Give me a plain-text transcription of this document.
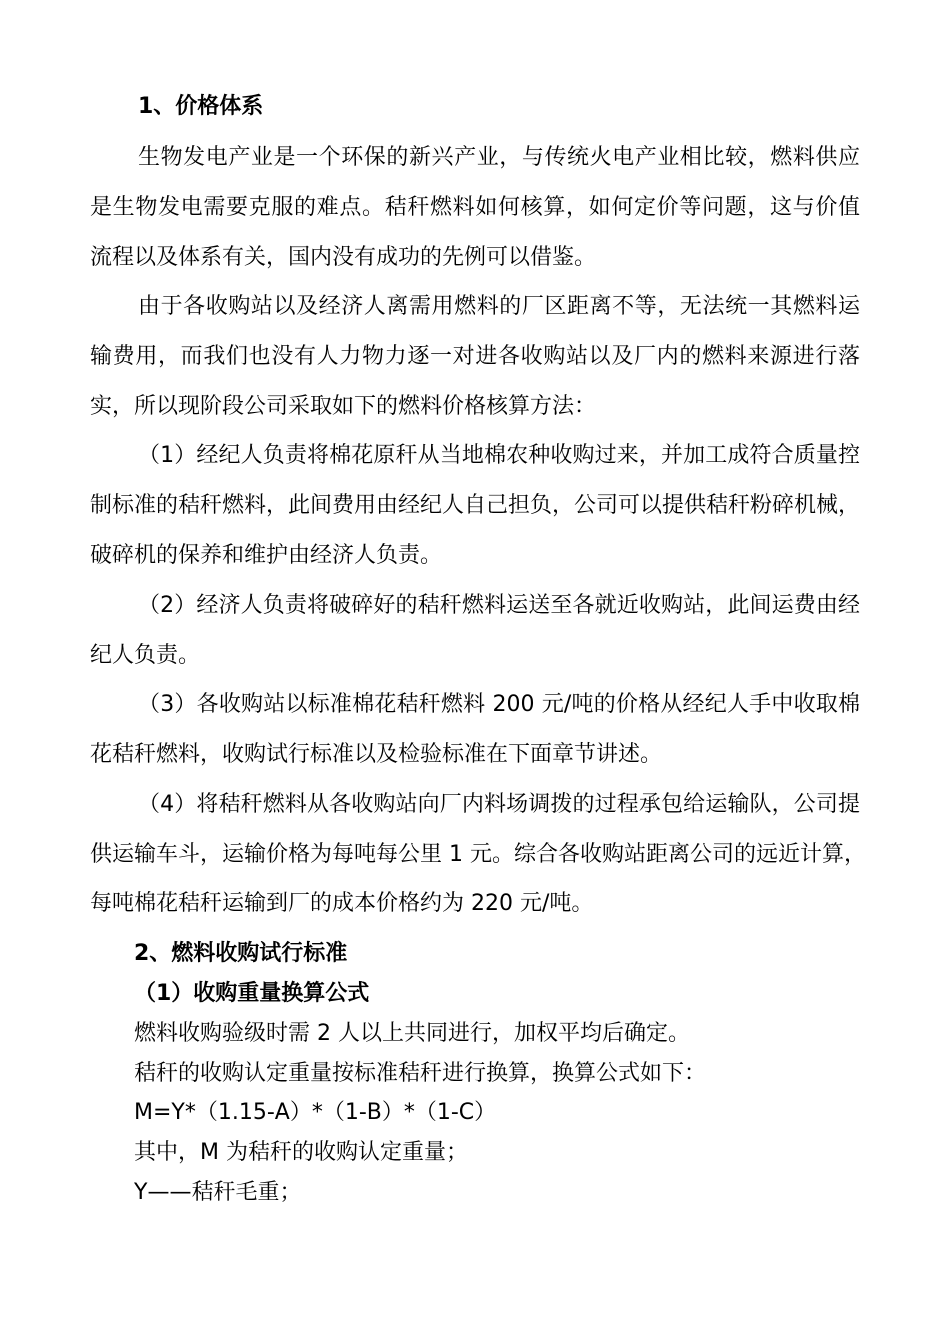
1、价格体系
生物发电产业是一个环保的新兴产业，与传统火电产业相比较，燃料供应
是生物发电需要克服的难点。秸秆燃料如何核算，如何定价等问题，这与价值
流程以及体系有关，国内没有成功的先例可以借鉴。
由于各收购站以及经济人离需用燃料的厂区距离不等，无法统一其燃料运
输费用，而我们也没有人力物力逐一对进各收购站以及厂内的燃料来源进行落
实，所以现阶段公司采取如下的燃料价格核算方法：
（1）经纪人负责将棉花原秆从当地棉农种收购过来，并加工成符合质量控
制标准的秸秆燃料，此间费用由经纪人自己担负，公司可以提供秸秆粉碎机械，
破碎机的保养和维护由经济人负责。
（2）经济人负责将破碎好的秸秆燃料运送至各就近收购站，此间运费由经
纪人负责。
（3）各收购站以标准棉花秸秆燃料 200 元/吨的价格从经纪人手中收取棉
花秸秆燃料，收购试行标准以及检验标准在下面章节讲述。
（4）将秸秆燃料从各收购站向厂内料场调拨的过程承包给运输队，公司提
供运输车斗，运输价格为每吨每公里 1 元。综合各收购站距离公司的远近计算，
每吨棉花秸秆运输到厂的成本价格约为 220 元/吨。
2、燃料收购试行标准
（1）收购重量换算公式
燃料收购验级时需 2 人以上共同进行，加权平均后确定。
秸秆的收购认定重量按标准秸秆进行换算，换算公式如下：
M=Y*（1.15-A）*（1-B）*（1-C）
其中，M 为秸秆的收购认定重量；
Y——秸秆毛重；
